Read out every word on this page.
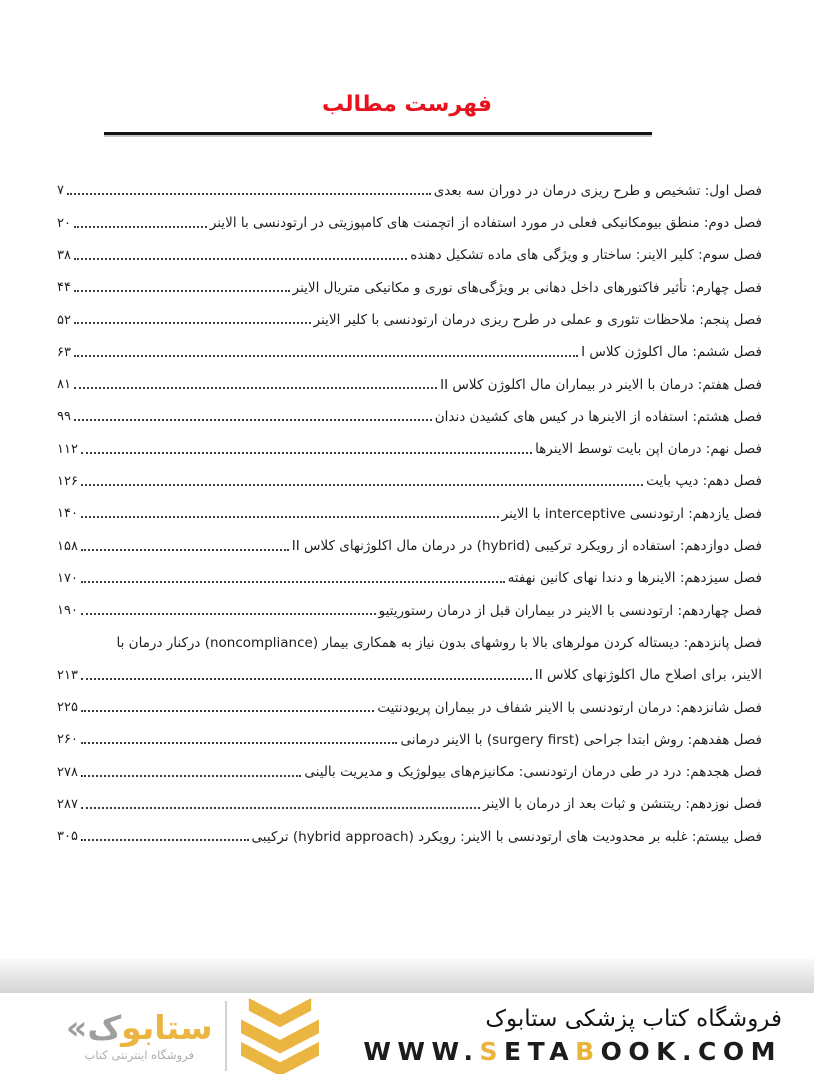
فهرست مطالب
فصل اول: تشخیص و طرح ریزی درمان در دوران سه بعدی
۷
فصل دوم: منطق بیومکانیکی فعلی در مورد استفاده از اتچمنت های کامپوزیتی در ارتودنسی با الاینر
۲۰
فصل سوم: کلیر الاینر: ساختار و ویژگی های ماده تشکیل دهنده
۳۸
فصل چهارم: تأثیر فاکتورهای داخل دهانی بر ویژگی‌های نوری و مکانیکی متریال الاینر
۴۴
فصل پنجم: ملاحظات تئوری و عملی در طرح ریزی درمان ارتودنسی با کلیر الاینر
۵۲
فصل ششم: مال اکلوژن کلاس I
۶۳
فصل هفتم: درمان با الاینر در بیماران مال اکلوژن کلاس II
۸۱
فصل هشتم: استفاده از الاینرها در کیس های کشیدن دندان
۹۹
فصل نهم: درمان اپن بایت توسط الاینرها
۱۱۲
فصل دهم: دیپ بایت
۱۲۶
فصل یازدهم: ارتودنسی interceptive با الاینر
۱۴۰
فصل دوازدهم: استفاده از رویکرد ترکیبی (hybrid) در درمان مال اکلوژنهای کلاس II
۱۵۸
فصل سیزدهم: الاینرها و دندا نهای کانین نهفته
۱۷۰
فصل چهاردهم: ارتودنسی با الاینر در بیماران قبل از درمان رستوریتیو
۱۹۰
فصل پانزدهم: دیستاله کردن مولرهای بالا با روشهای بدون نیاز به همکاری بیمار (noncompliance) درکنار درمان با
الاینر، برای اصلاح مال اکلوژنهای کلاس II
۲۱۳
فصل شانزدهم: درمان ارتودنسی با الاینر شفاف در بیماران پریودنتیت
۲۲۵
فصل هفدهم: روش ابتدا جراحی (surgery first) با الاینر درمانی
۲۶۰
فصل هجدهم: درد در طی درمان ارتودنسی: مکانیزم‌های بیولوژیک و مدیریت بالینی
۲۷۸
فصل نوزدهم: ریتنشن و ثبات بعد از درمان با الاینر
۲۸۷
فصل بیستم: غلبه بر محدودیت های ارتودنسی با الاینر: رویکرد (hybrid approach) ترکیبی
۳۰۵
ستابوک«
فروشگاه اینترنتی کتاب
فروشگاه کتاب پزشکی ستابوک
WWW.SETABOOK.COM
